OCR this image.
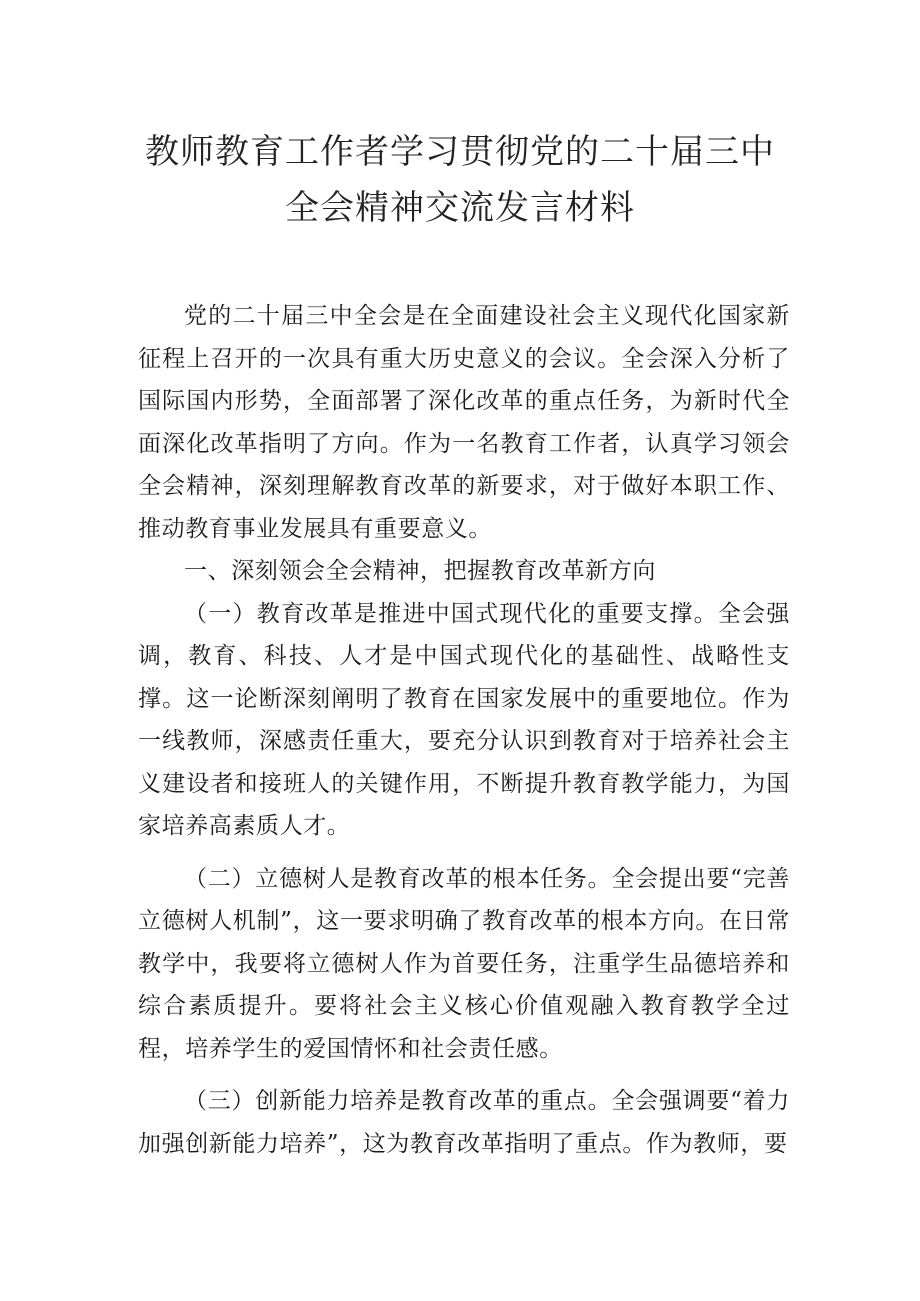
教师教育工作者学习贯彻党的二十届三中
全会精神交流发言材料

党的二十届三中全会是在全面建设社会主义现代化国家新征程上召开的一次具有重大历史意义的会议。全会深入分析了国际国内形势，全面部署了深化改革的重点任务，为新时代全面深化改革指明了方向。作为一名教育工作者，认真学习领会全会精神，深刻理解教育改革的新要求，对于做好本职工作、推动教育事业发展具有重要意义。

一、深刻领会全会精神，把握教育改革新方向

（一）教育改革是推进中国式现代化的重要支撑。全会强调，教育、科技、人才是中国式现代化的基础性、战略性支撑。这一论断深刻阐明了教育在国家发展中的重要地位。作为一线教师，深感责任重大，要充分认识到教育对于培养社会主义建设者和接班人的关键作用，不断提升教育教学能力，为国家培养高素质人才。

（二）立德树人是教育改革的根本任务。全会提出要“完善立德树人机制”，这一要求明确了教育改革的根本方向。在日常教学中，我要将立德树人作为首要任务，注重学生品德培养和综合素质提升。要将社会主义核心价值观融入教育教学全过程，培养学生的爱国情怀和社会责任感。

（三）创新能力培养是教育改革的重点。全会强调要“着力加强创新能力培养”，这为教育改革指明了重点。作为教师，要
